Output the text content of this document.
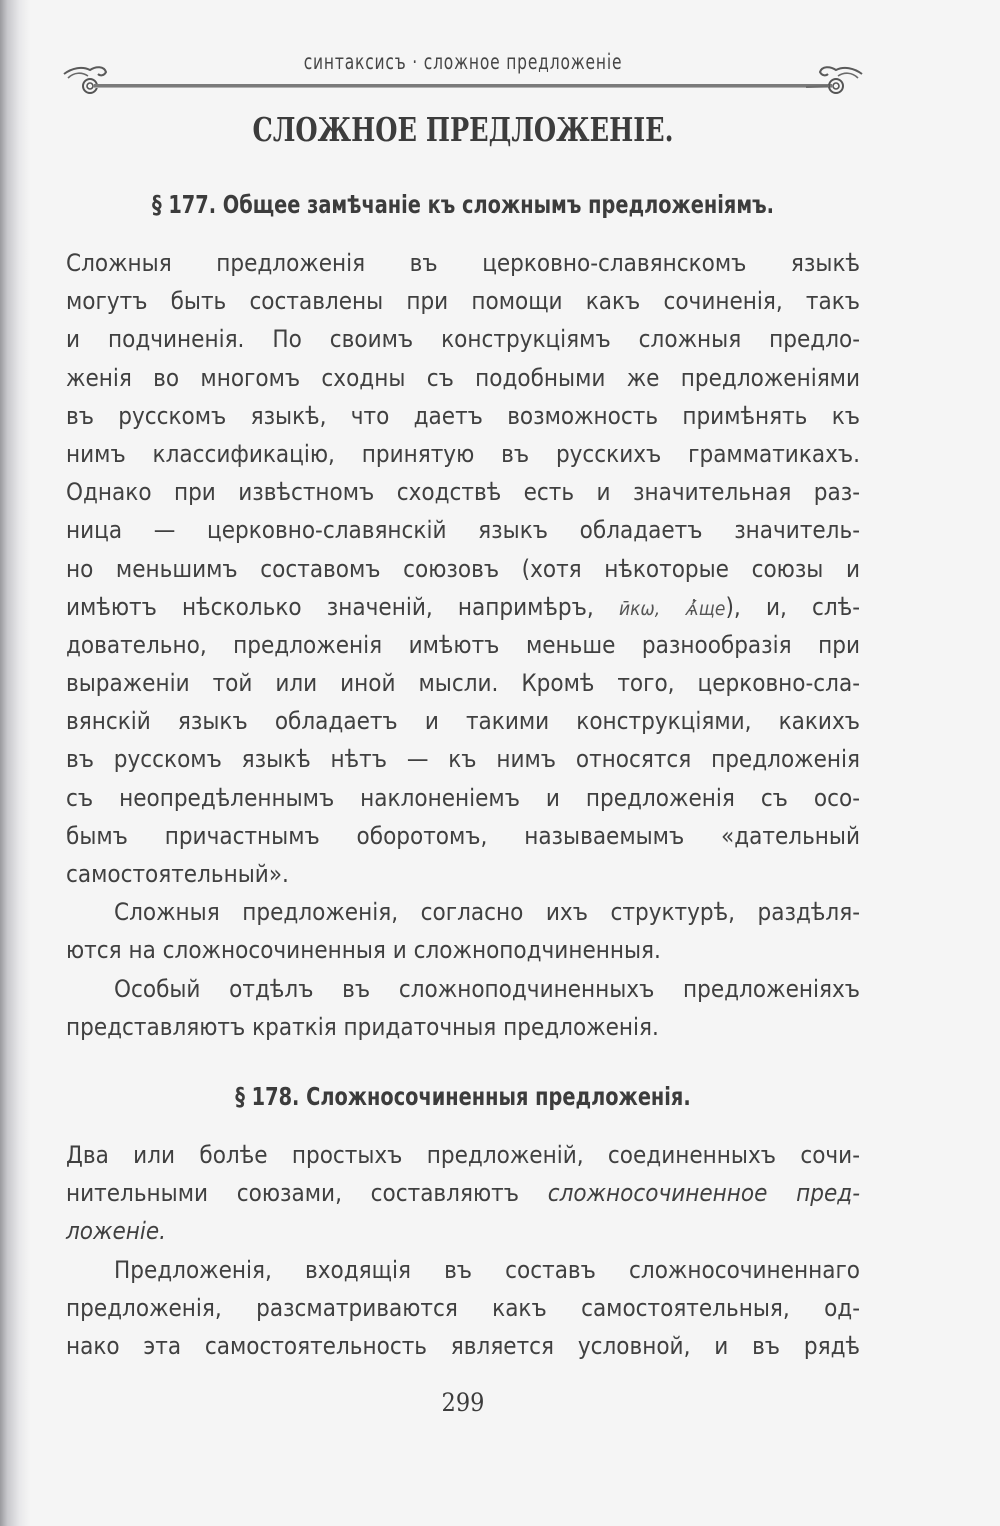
синтаксисъ · сложное предложеніе
СЛОЖНОЕ ПРЕДЛОЖЕНІЕ.
§ 177. Общее замѣчаніе къ сложнымъ предложеніямъ.
Сложныя предложенія въ церковно-славянскомъ языкѣ
могутъ быть составлены при помощи какъ сочиненія, такъ
и подчиненія. По своимъ конструкціямъ сложныя предло-
женія во многомъ сходны съ подобными же предложеніями
въ русскомъ языкѣ, что даетъ возможность примѣнять къ
нимъ классификацію, принятую въ русскихъ грамматикахъ.
Однако при извѣстномъ сходствѣ есть и значительная раз-
ница — церковно-славянскій языкъ обладаетъ значитель-
но меньшимъ составомъ союзовъ (хотя нѣкоторые союзы и
имѣютъ нѣсколько значеній, напримѣръ, ӣкѡ, ѧ̓́ще), и, слѣ-
довательно, предложенія имѣютъ меньше разнообразія при
выраженіи той или иной мысли. Кромѣ того, церковно-сла-
вянскій языкъ обладаетъ и такими конструкціями, какихъ
въ русскомъ языкѣ нѣтъ — къ нимъ относятся предложенія
съ неопредѣленнымъ наклоненіемъ и предложенія съ осо-
бымъ причастнымъ оборотомъ, называемымъ «дательный
самостоятельный».
Сложныя предложенія, согласно ихъ структурѣ, раздѣля-
ются на сложносочиненныя и сложноподчиненныя.
Особый отдѣлъ въ сложноподчиненныхъ предложеніяхъ
представляютъ краткія придаточныя предложенія.
§ 178. Сложносочиненныя предложенія.
Два или болѣе простыхъ предложеній, соединенныхъ сочи-
нительными союзами, составляютъ сложносочиненное пред-
ложеніе.
Предложенія, входящія въ составъ сложносочиненнаго
предложенія, разсматриваются какъ самостоятельныя, од-
нако эта самостоятельность является условной, и въ рядѣ
299
